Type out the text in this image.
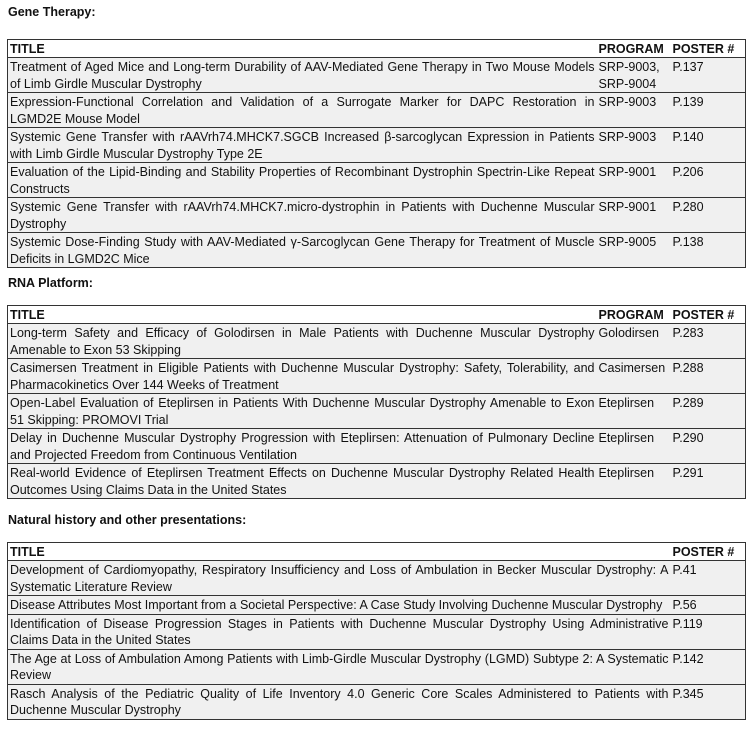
Gene Therapy:
TITLE	PROGRAM	POSTER #
Treatment of Aged Mice and Long-term Durability of AAV-Mediated Gene Therapy in Two Mouse Models of Limb Girdle Muscular Dystrophy	SRP-9003, SRP-9004	P.137
Expression-Functional Correlation and Validation of a Surrogate Marker for DAPC Restoration in LGMD2E Mouse Model	SRP-9003	P.139
Systemic Gene Transfer with rAAVrh74.MHCK7.SGCB Increased β-sarcoglycan Expression in Patients with Limb Girdle Muscular Dystrophy Type 2E	SRP-9003	P.140
Evaluation of the Lipid-Binding and Stability Properties of Recombinant Dystrophin Spectrin-Like Repeat Constructs	SRP-9001	P.206
Systemic Gene Transfer with rAAVrh74.MHCK7.micro-dystrophin in Patients with Duchenne Muscular Dystrophy	SRP-9001	P.280
Systemic Dose-Finding Study with AAV-Mediated γ-Sarcoglycan Gene Therapy for Treatment of Muscle Deficits in LGMD2C Mice	SRP-9005	P.138
RNA Platform:
TITLE	PROGRAM	POSTER #
Long-term Safety and Efficacy of Golodirsen in Male Patients with Duchenne Muscular Dystrophy Amenable to Exon 53 Skipping	Golodirsen	P.283
Casimersen Treatment in Eligible Patients with Duchenne Muscular Dystrophy: Safety, Tolerability, and Pharmacokinetics Over 144 Weeks of Treatment	Casimersen	P.288
Open-Label Evaluation of Eteplirsen in Patients With Duchenne Muscular Dystrophy Amenable to Exon 51 Skipping: PROMOVI Trial	Eteplirsen	P.289
Delay in Duchenne Muscular Dystrophy Progression with Eteplirsen: Attenuation of Pulmonary Decline and Projected Freedom from Continuous Ventilation	Eteplirsen	P.290
Real-world Evidence of Eteplirsen Treatment Effects on Duchenne Muscular Dystrophy Related Health Outcomes Using Claims Data in the United States	Eteplirsen	P.291
Natural history and other presentations:
TITLE	POSTER #
Development of Cardiomyopathy, Respiratory Insufficiency and Loss of Ambulation in Becker Muscular Dystrophy: A Systematic Literature Review	P.41
Disease Attributes Most Important from a Societal Perspective: A Case Study Involving Duchenne Muscular Dystrophy	P.56
Identification of Disease Progression Stages in Patients with Duchenne Muscular Dystrophy Using Administrative Claims Data in the United States	P.119
The Age at Loss of Ambulation Among Patients with Limb-Girdle Muscular Dystrophy (LGMD) Subtype 2: A Systematic Review	P.142
Rasch Analysis of the Pediatric Quality of Life Inventory 4.0 Generic Core Scales Administered to Patients with Duchenne Muscular Dystrophy	P.345
